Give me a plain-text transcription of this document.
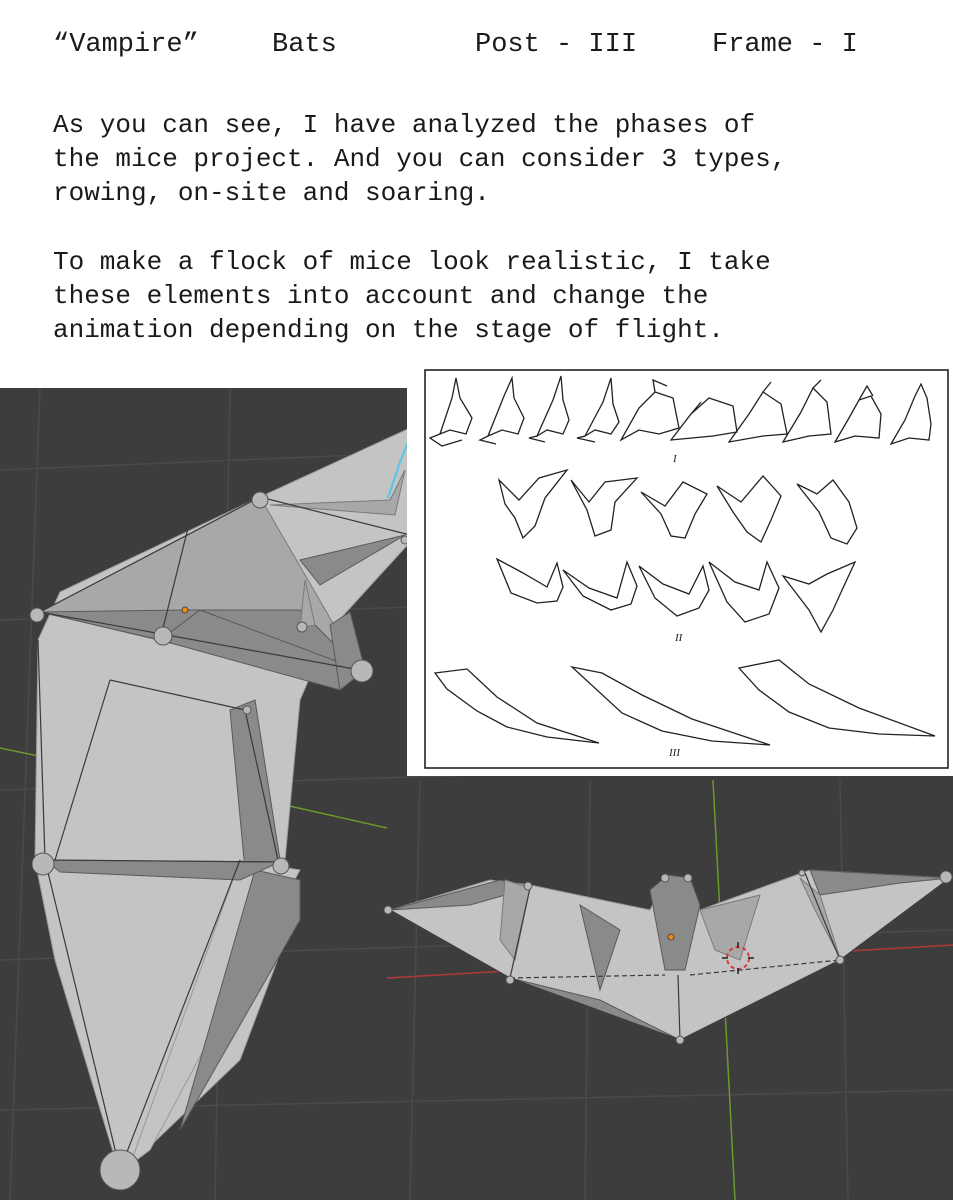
“Vampire”	Bats	Post - III	Frame - I
As you can see, I have analyzed the phases of
the mice project. And you can consider 3 types,
rowing, on-site and soaring.
To make a flock of mice look realistic, I take
these elements into account and change the
animation depending on the stage of flight.
I
II
III
